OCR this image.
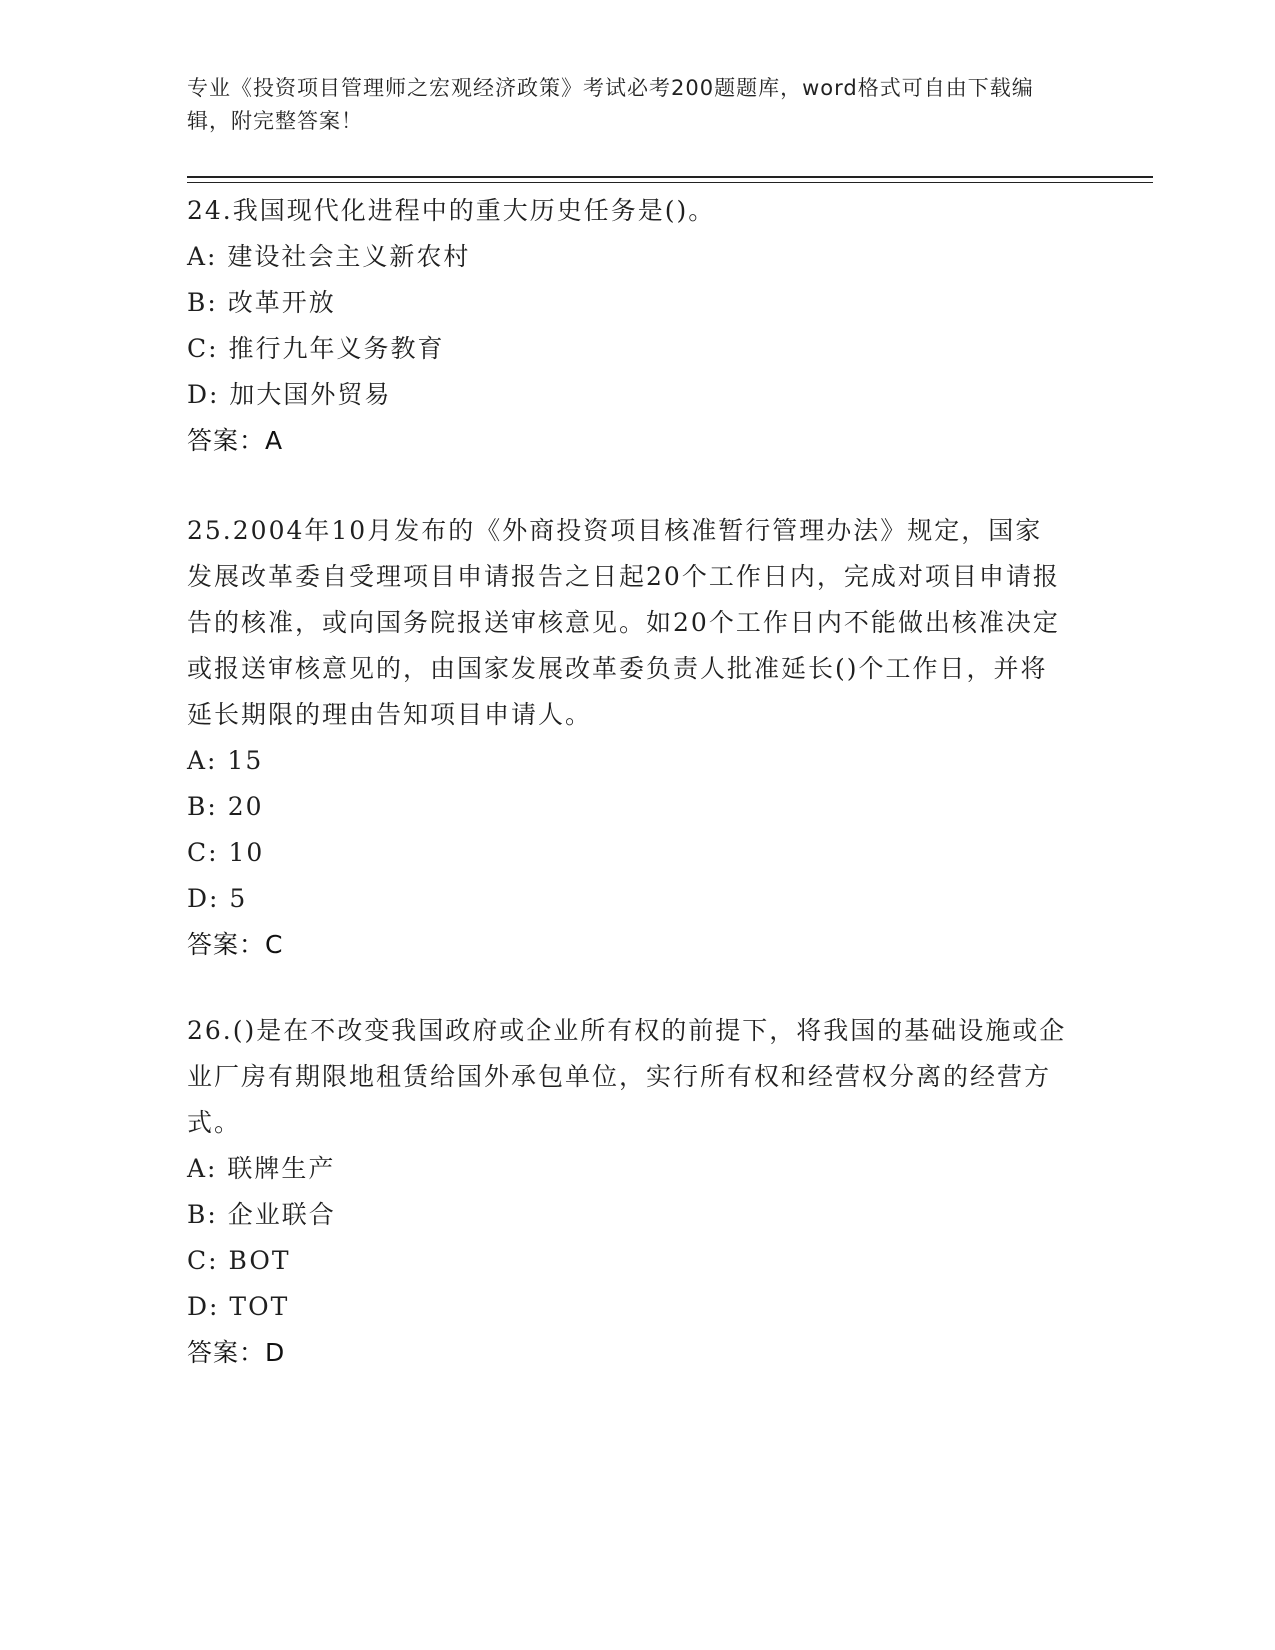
专业《投资项目管理师之宏观经济政策》考试必考200题题库，word格式可自由下载编辑，附完整答案！
24.我国现代化进程中的重大历史任务是()。
A: 建设社会主义新农村
B: 改革开放
C: 推行九年义务教育
D: 加大国外贸易
答案：A
25.2004年10月发布的《外商投资项目核准暂行管理办法》规定，国家发展改革委自受理项目申请报告之日起20个工作日内，完成对项目申请报告的核准，或向国务院报送审核意见。如20个工作日内不能做出核准决定或报送审核意见的，由国家发展改革委负责人批准延长()个工作日，并将延长期限的理由告知项目申请人。
A: 15
B: 20
C: 10
D: 5
答案：C
26.()是在不改变我国政府或企业所有权的前提下，将我国的基础设施或企业厂房有期限地租赁给国外承包单位，实行所有权和经营权分离的经营方式。
A: 联牌生产
B: 企业联合
C: BOT
D: TOT
答案：D
